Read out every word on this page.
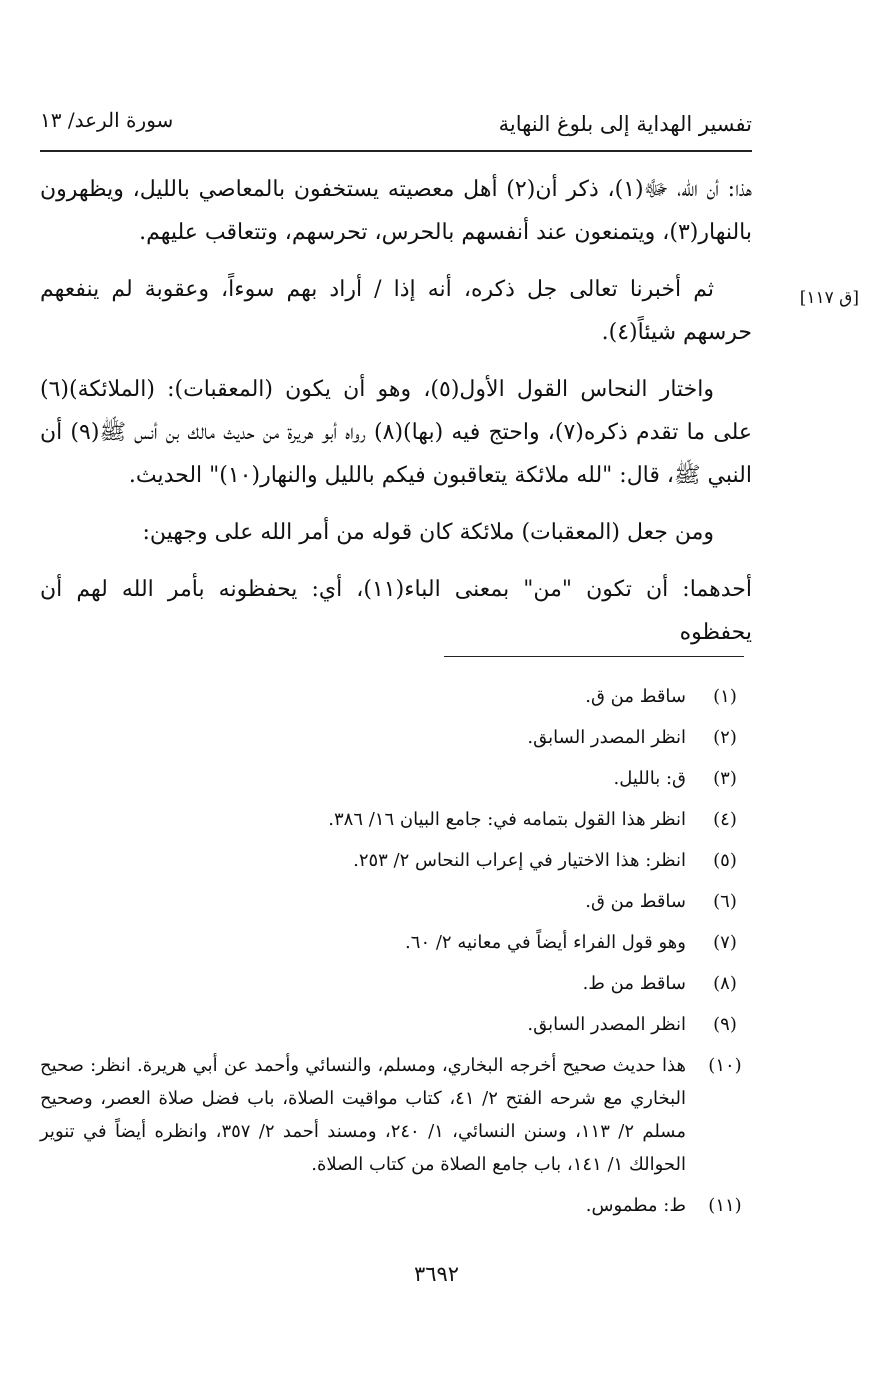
تفسير الهداية إلى بلوغ النهاية
سورة الرعد/ ١٣
[ق ١١٧]

هذا: أن الله، ﷻ(١)، ذكر أن(٢) أهل معصيته يستخفون بالمعاصي بالليل، ويظهرون بالنهار(٣)، ويتمنعون عند أنفسهم بالحرس، تحرسهم، وتتعاقب عليهم.

ثم أخبرنا تعالى جل ذكره، أنه إذا / أراد بهم سوءاً، وعقوبة لم ينفعهم حرسهم شيئاً(٤).

واختار النحاس القول الأول(٥)، وهو أن يكون (المعقبات): (الملائكة)(٦) على ما تقدم ذكره(٧)، واحتج فيه (بها)(٨) رواه أبو هريرة من حديث مالك بن أنس ﷺ(٩) أن النبي ﷺ، قال: "لله ملائكة يتعاقبون فيكم بالليل والنهار(١٠)" الحديث.

ومن جعل (المعقبات) ملائكة كان قوله من أمر الله على وجهين:

أحدهما: أن تكون "من" بمعنى الباء(١١)، أي: يحفظونه بأمر الله لهم أن يحفظوه

(١)
ساقط من ق.
(٢)
انظر المصدر السابق.
(٣)
ق: بالليل.
(٤)
انظر هذا القول بتمامه في: جامع البيان ١٦/ ٣٨٦.
(٥)
انظر: هذا الاختيار في إعراب النحاس ٢/ ٢٥٣.
(٦)
ساقط من ق.
(٧)
وهو قول الفراء أيضاً في معانيه ٢/ ٦٠.
(٨)
ساقط من ط.
(٩)
انظر المصدر السابق.
(١٠)
هذا حديث صحيح أخرجه البخاري، ومسلم، والنسائي وأحمد عن أبي هريرة. انظر: صحيح البخاري مع شرحه الفتح ٢/ ٤١، كتاب مواقيت الصلاة، باب فضل صلاة العصر، وصحيح مسلم ٢/ ١١٣، وسنن النسائي، ١/ ٢٤٠، ومسند أحمد ٢/ ٣٥٧، وانظره أيضاً في تنوير الحوالك ١/ ١٤١، باب جامع الصلاة من كتاب الصلاة.
(١١)
ط: مطموس.
٣٦٩٢
